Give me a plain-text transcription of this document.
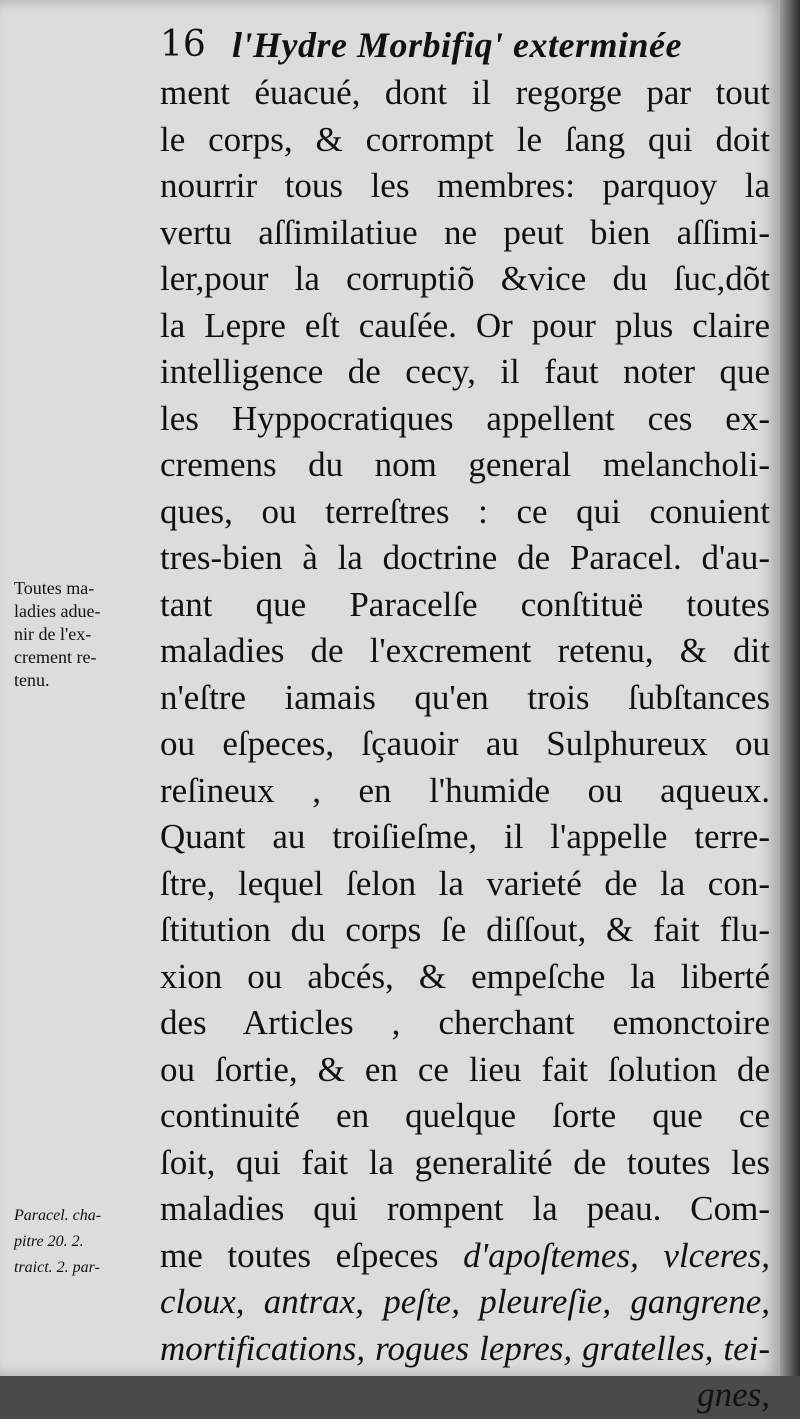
16 l'Hydre Morbifiq' exterminée
ment éuacué, dont il regorge par tout
le corps, & corrompt le ſang qui doit
nourrir tous les membres: parquoy la
vertu aſſimilatiue ne peut bien aſſimi-
ler,pour la corruptiõ &vice du ſuc,dõt
la Lepre eſt cauſée. Or pour plus claire
intelligence de cecy, il faut noter que
les Hyppocratiques appellent ces ex-
cremens du nom general melancholi-
ques, ou terreſtres : ce qui conuient
tres-bien à la doctrine de Paracel. d'au-
tant que Paracelſe conſtituë toutes
maladies de l'excrement retenu, & dit
n'eſtre iamais qu'en trois ſubſtances
ou eſpeces, ſçauoir au Sulphureux ou
reſineux , en l'humide ou aqueux.
Quant au troiſieſme, il l'appelle terre-
ſtre, lequel ſelon la varieté de la con-
ſtitution du corps ſe diſſout, & fait flu-
xion ou abcés, & empeſche la liberté
des Articles , cherchant emonctoire
ou ſortie, & en ce lieu fait ſolution de
continuité en quelque ſorte que ce
ſoit, qui fait la generalité de toutes les
maladies qui rompent la peau. Com-
me toutes eſpeces d'apoſtemes, vlceres,
cloux, antrax, peſte, pleureſie, gangrene,
mortifications, rogues lepres, gratelles, tei-
gnes,
Toutes ma-
ladies adue-
nir de l'ex-
crement re-
tenu.
Paracel. cha-
pitre 20. 2.
traict. 2. par-
